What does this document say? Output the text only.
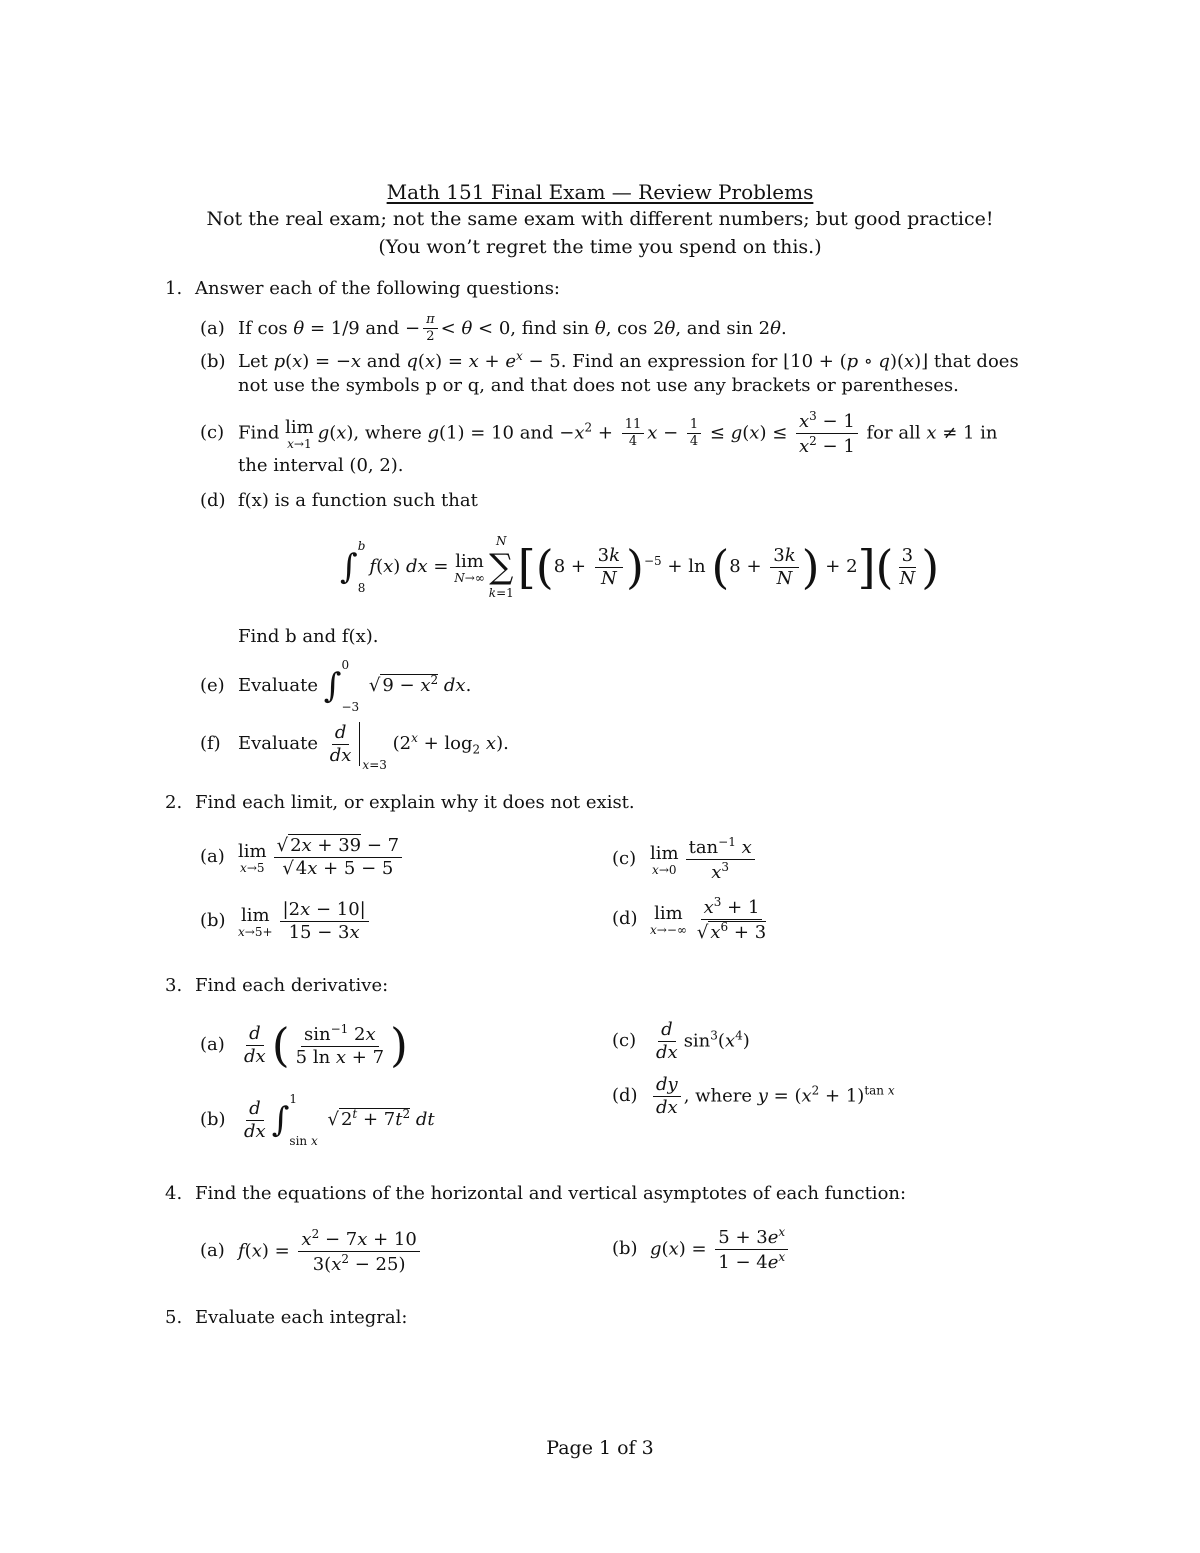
Math 151 Final Exam — Review Problems
Not the real exam; not the same exam with different numbers; but good practice!
(You won’t regret the time you spend on this.)
1. Answer each of the following questions:
(a) If cos θ = 1/9 and − $\frac{\pi}{2} < \theta < 0$, find sin θ, cos 2θ, and sin 2θ.
(b) Let p(x) = −x and $q(x) = x + e^x - 5$. Find an expression for ⌊10 + (p ∘ q)(x)⌋ that does
not use the symbols p or q, and that does not use any brackets or parentheses.
(c) Find lim
x→1
g(x), where g(1) = 10 and $-x^2 + \frac{11}{4}$ $x - \frac{1}{4} \le g(x) \le \frac{x^3 - 1}{x^2 - 1}$ for all x ≠ 1 in
the interval (0, 2).
(d) f(x) is a function such that
∫
b
8
f(x) dx = lim
N→∞
N
∑
k=1 [$(8 + \frac{3k}{N} )^{-5} + \ln (8 + \frac{3k}{N}$ ) + $2]( \frac{3}{N}$ )
Find b and f(x).
(e) Evaluate ∫
0
−3
√ $9 - x^2$ dx.
(f) Evaluate $\frac{d}{dx} _{x=3}$ $(2^x + \log_2 x)$.
2. Find each limit, or explain why it does not exist.
(a) lim
$x\to 5 \frac{√ 2x + 39 - 7}{√ 4x + 5 - 5}$	(c) lim
$x\to 0 \frac{\tan^{-1} x}{x^3}$
(b) lim
$x\to 5+ \frac{|2x - 10|}{15 - 3x}$	(d) lim
$x\to-\infty \frac{x^3 + 1}{√ x^6 + 3}$
3. Find each derivative:
$(a) \frac{d}{dx}$ ( $\frac{\sin^{-1} 2x}{\text{5 ln x + 7}}$ )	$(c) \frac{d}{dx} \sin^3(x^4)$
$(d) \frac{dy}{dx}$ , where $y = (x^2 + 1)^{tan x}$
$(b) \frac{d}{dx}$ ∫
1
sin x
√ $2^t + 7t^2$ dt
4. Find the equations of the horizontal and vertical asymptotes of each function:
(a) $f(x) = \frac{x^2 - 7x + 10}{3(x^2 - 25)}$	(b) $g(x) = \frac{5 + 3e^x}{1 - 4e^x}$
5. Evaluate each integral:
Page 1 of 3
